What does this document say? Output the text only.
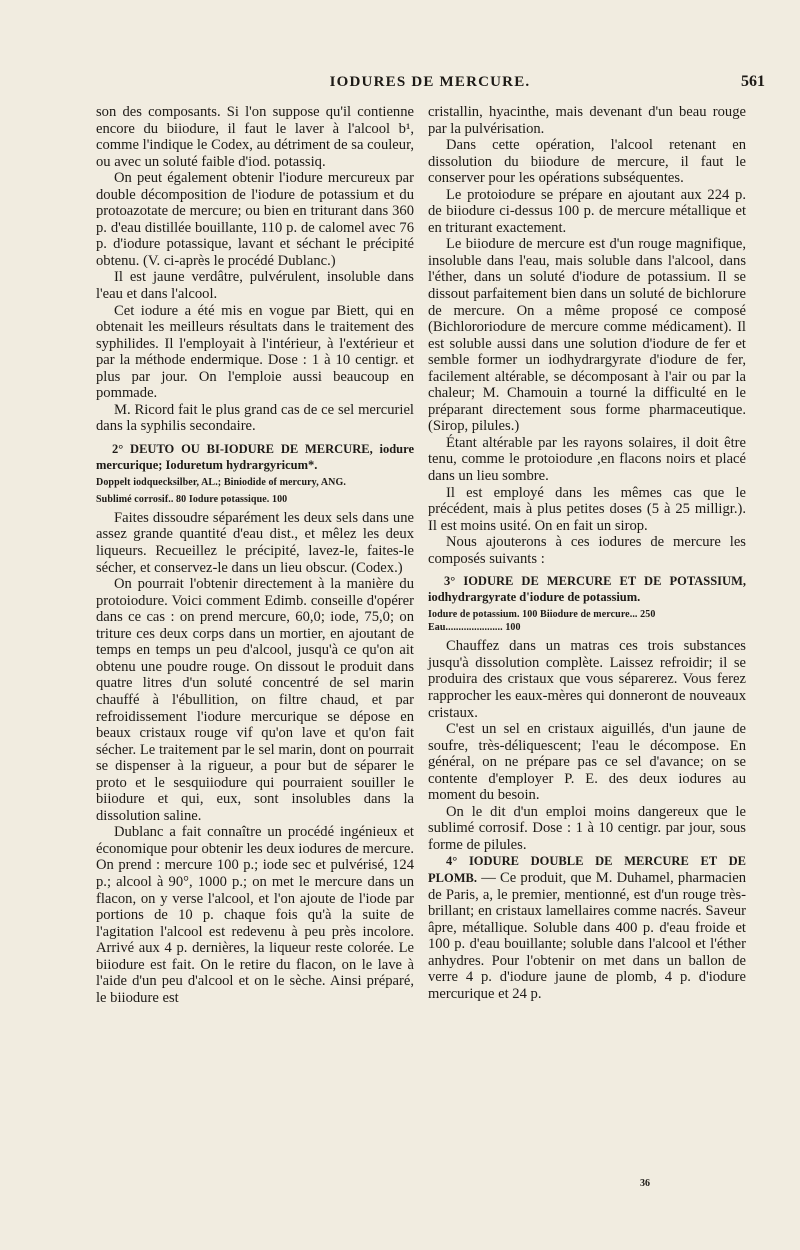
IODURES DE MERCURE.	561

son des composants. Si l'on suppose qu'il contienne encore du biiodure, il faut le laver à l'alcool b¹, comme l'indique le Codex, au détriment de sa couleur, ou avec un soluté faible d'iod. potassiq.

On peut également obtenir l'iodure mercureux par double décomposition de l'iodure de potassium et du protoazotate de mercure; ou bien en triturant dans 360 p. d'eau distillée bouillante, 110 p. de calomel avec 76 p. d'iodure potassique, lavant et séchant le précipité obtenu. (V. ci-après le procédé Dublanc.)

Il est jaune verdâtre, pulvérulent, insoluble dans l'eau et dans l'alcool.

Cet iodure a été mis en vogue par Biett, qui en obtenait les meilleurs résultats dans le traitement des syphilides. Il l'employait à l'intérieur, à l'extérieur et par la méthode endermique. Dose : 1 à 10 centigr. et plus par jour. On l'emploie aussi beaucoup en pommade.

M. Ricord fait le plus grand cas de ce sel mercuriel dans la syphilis secondaire.

2° DEUTO OU BI-IODURE DE MERCURE, iodure mercurique; Ioduretum hydrargyricum*.
Doppelt iodquecksilber, AL.; Biniodide of mercury, ANG.
Sublimé corrosif.. 80 Iodure potassique. 100

Faites dissoudre séparément les deux sels dans une assez grande quantité d'eau dist., et mêlez les deux liqueurs. Recueillez le précipité, lavez-le, faites-le sécher, et conservez-le dans un lieu obscur. (Codex.)

On pourrait l'obtenir directement à la manière du protoiodure. Voici comment Edimb. conseille d'opérer dans ce cas : on prend mercure, 60,0; iode, 75,0; on triture ces deux corps dans un mortier, en ajoutant de temps en temps un peu d'alcool, jusqu'à ce qu'on ait obtenu une poudre rouge. On dissout le produit dans quatre litres d'un soluté concentré de sel marin chauffé à l'ébullition, on filtre chaud, et par refroidissement l'iodure mercurique se dépose en beaux cristaux rouge vif qu'on lave et qu'on fait sécher. Le traitement par le sel marin, dont on pourrait se dispenser à la rigueur, a pour but de séparer le proto et le sesquiiodure qui pourraient souiller le biiodure et qui, eux, sont insolubles dans la dissolution saline.

Dublanc a fait connaître un procédé ingénieux et économique pour obtenir les deux iodures de mercure. On prend : mercure 100 p.; iode sec et pulvérisé, 124 p.; alcool à 90°, 1000 p.; on met le mercure dans un flacon, on y verse l'alcool, et l'on ajoute de l'iode par portions de 10 p. chaque fois qu'à la suite de l'agitation l'alcool est redevenu à peu près incolore. Arrivé aux 4 p. dernières, la liqueur reste colorée. Le biiodure est fait. On le retire du flacon, on le lave à l'aide d'un peu d'alcool et on le sèche. Ainsi préparé, le biiodure est

cristallin, hyacinthe, mais devenant d'un beau rouge par la pulvérisation.

Dans cette opération, l'alcool retenant en dissolution du biiodure de mercure, il faut le conserver pour les opérations subséquentes.

Le protoiodure se prépare en ajoutant aux 224 p. de biiodure ci-dessus 100 p. de mercure métallique et en triturant exactement.

Le biiodure de mercure est d'un rouge magnifique, insoluble dans l'eau, mais soluble dans l'alcool, dans l'éther, dans un soluté d'iodure de potassium. Il se dissout parfaitement bien dans un soluté de bichlorure de mercure. On a même proposé ce composé (Bichlororiodure de mercure comme médicament). Il est soluble aussi dans une solution d'iodure de fer et semble former un iodhydrargyrate d'iodure de fer, facilement altérable, se décomposant à l'air ou par la chaleur; M. Chamouin a tourné la difficulté en le préparant directement sous forme pharmaceutique. (Sirop, pilules.)

Étant altérable par les rayons solaires, il doit être tenu, comme le protoiodure ,en flacons noirs et placé dans un lieu sombre.

Il est employé dans les mêmes cas que le précédent, mais à plus petites doses (5 à 25 milligr.). Il est moins usité. On en fait un sirop.

Nous ajouterons à ces iodures de mercure les composés suivants :

3° IODURE DE MERCURE ET DE POTASSIUM, iodhydrargyrate d'iodure de potassium.
Iodure de potassium. 100 Biiodure de mercure... 250
Eau...................... 100

Chauffez dans un matras ces trois substances jusqu'à dissolution complète. Laissez refroidir; il se produira des cristaux que vous séparerez. Vous ferez rapprocher les eaux-mères qui donneront de nouveaux cristaux.

C'est un sel en cristaux aiguillés, d'un jaune de soufre, très-déliquescent; l'eau le décompose. En général, on ne prépare pas ce sel d'avance; on se contente d'employer P. E. des deux iodures au moment du besoin.

On le dit d'un emploi moins dangereux que le sublimé corrosif. Dose : 1 à 10 centigr. par jour, sous forme de pilules.

4° IODURE DOUBLE DE MERCURE ET DE PLOMB. — Ce produit, que M. Duhamel, pharmacien de Paris, a, le premier, mentionné, est d'un rouge très-brillant; en cristaux lamellaires comme nacrés. Saveur âpre, métallique. Soluble dans 400 p. d'eau froide et 100 p. d'eau bouillante; soluble dans l'alcool et l'éther anhydres. Pour l'obtenir on met dans un ballon de verre 4 p. d'iodure jaune de plomb, 4 p. d'iodure mercurique et 24 p.

36
